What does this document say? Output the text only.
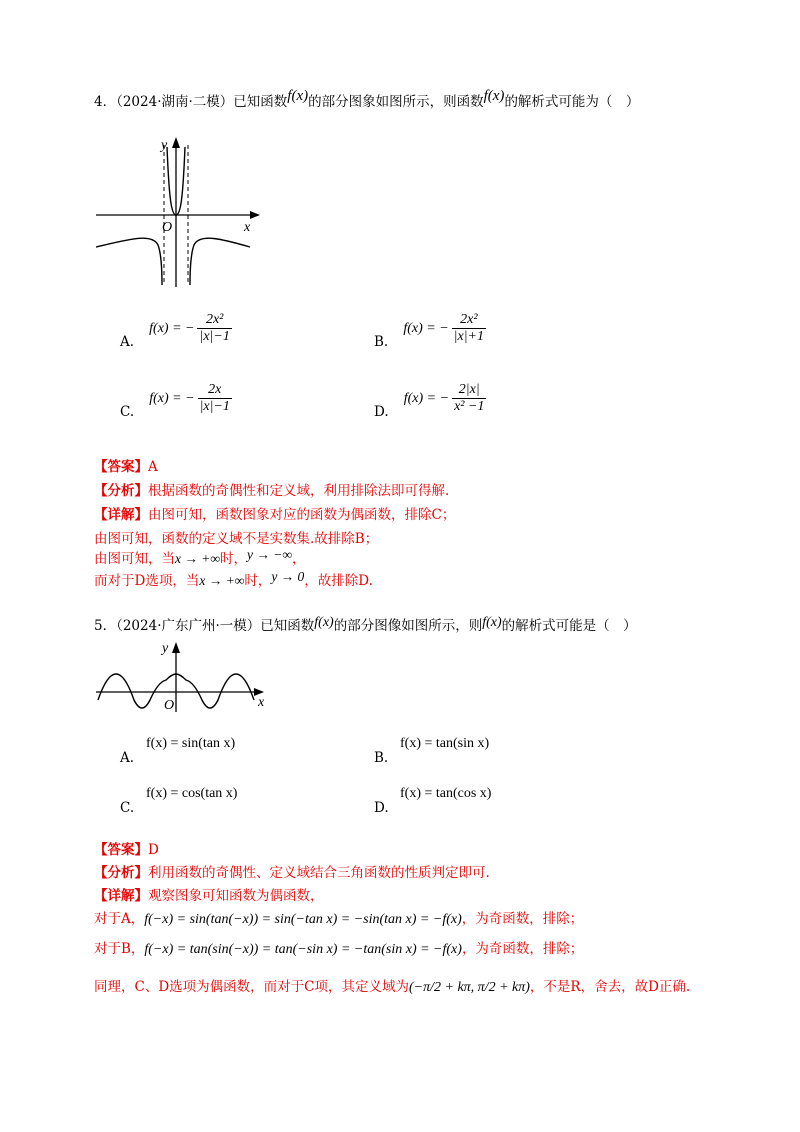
4．（2024·湖南·二模）已知函数f(x)的部分图象如图所示，则函数f(x)的解析式可能为（　）
y
x
O
$_{A.}$ f(x) = − $\frac{\text{2x²}}{|x|-1}$	$_{B.}$ f(x) = − $\frac{\text{2x²}}{|x|+1}$
$_{C.}$ f(x) = − $\frac{2x}{|x|-1}$	$_{D.}$ f(x) = − $\frac{2|x|}{\text{x² −1}}$
【答案】A
【分析】根据函数的奇偶性和定义域，利用排除法即可得解.
【详解】由图可知，函数图象对应的函数为偶函数，排除C；
由图可知，函数的定义域不是实数集.故排除B；
由图可知，当x → +∞时，y → −∞，
而对于D选项，当x → +∞时，y → 0，故排除D.
5．（2024·广东广州·一模）已知函数f(x)的部分图像如图所示，则f(x)的解析式可能是（　）
y
x
O
f(x) = sin(tan x)
A.
f(x) = tan(sin x)
B.
f(x) = cos(tan x)
C.
f(x) = tan(cos x)
D.
【答案】D
【分析】利用函数的奇偶性、定义域结合三角函数的性质判定即可.
【详解】观察图象可知函数为偶函数，
对于A，f(−x) = sin(tan(−x)) = sin(−tan x) = −sin(tan x) = −f(x)，为奇函数，排除；
对于B，f(−x) = tan(sin(−x)) = tan(−sin x) = −tan(sin x) = −f(x)，为奇函数，排除；
同理，C、D选项为偶函数，而对于C项，其定义域为(−π/2 + kπ, π/2 + kπ)，不是R，舍去，故D正确.
